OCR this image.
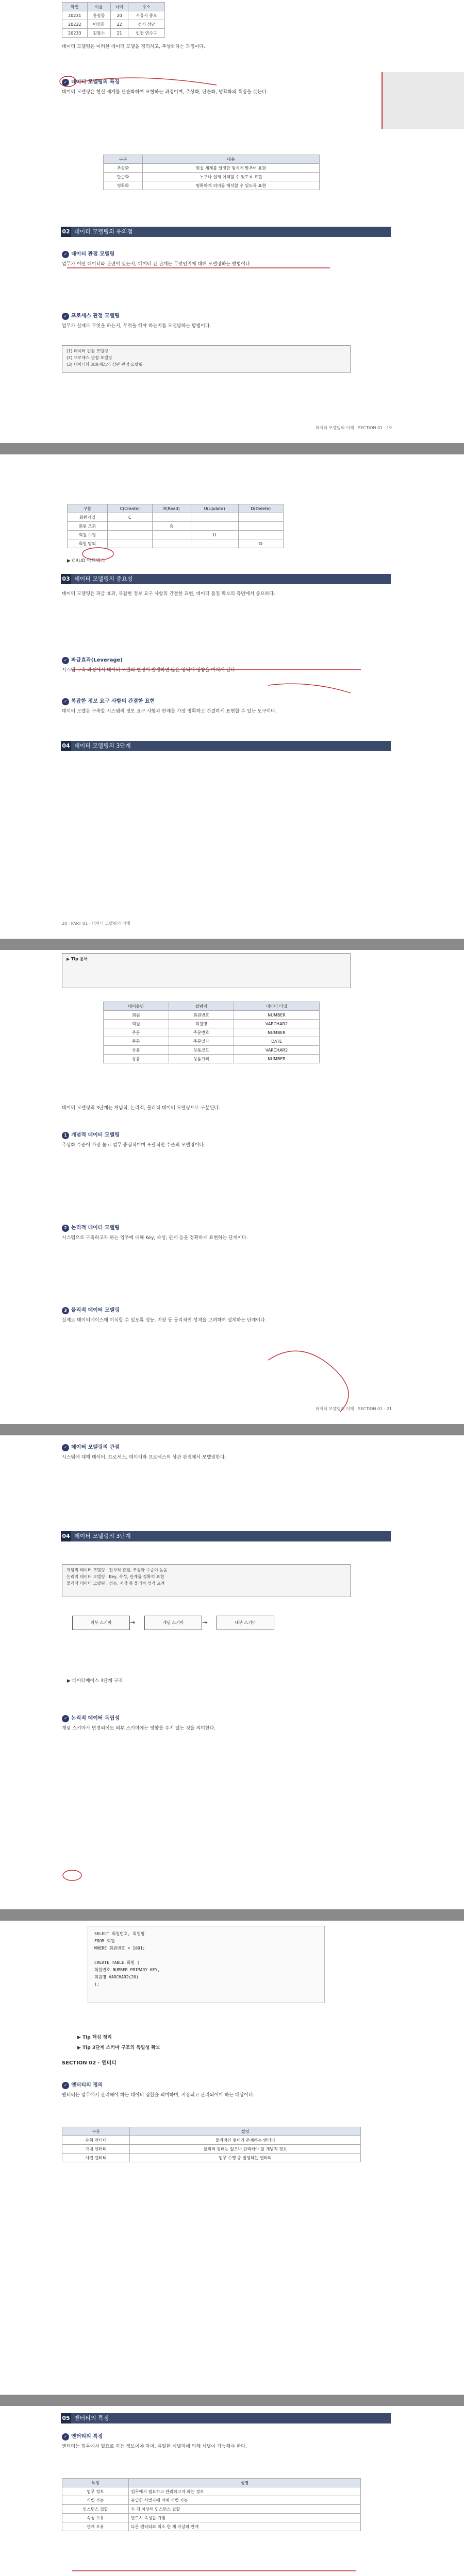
학번	이름	나이	주소
20231	홍길동	20	서울시 종로
20232	이영희	22	경기 성남
20233	김철수	21	인천 연수구
데이터 모델링은 이러한 데이터 모델을 정의하고, 추상화하는 과정이다.
✓ 데이터 모델링의 특징
데이터 모델링은 현실 세계를 단순화하여 표현하는 과정이며, 추상화, 단순화, 명확화의 특징을 갖는다.
구분	내용
추상화	현실 세계를 일정한 형식에 맞추어 표현
단순화	누구나 쉽게 이해할 수 있도록 표현
명확화	명확하게 의미를 해석할 수 있도록 표현
02 데이터 모델링의 유의점
✓ 데이터 관점 모델링
업무가 어떤 데이터와 관련이 있는지, 데이터 간 관계는 무엇인지에 대해 모델링하는 방법이다.
✓ 프로세스 관점 모델링
업무가 실제로 무엇을 하는지, 무엇을 해야 하는지를 모델링하는 방법이다.
(1) 데이터 관점 모델링
(2) 프로세스 관점 모델링
(3) 데이터와 프로세스의 상관 관점 모델링
데이터 모델링의 이해 · SECTION 01 · 19
구분	C(Create)	R(Read)	U(Update)	D(Delete)
회원가입	C			
회원 조회		R		
회원 수정			U	
회원 탈퇴				D
▶ CRUD 매트릭스
03 데이터 모델링의 중요성
데이터 모델링은 파급 효과, 복잡한 정보 요구 사항의 간결한 표현, 데이터 품질 확보의 측면에서 중요하다.
✓ 파급효과(Leverage)
시스템 구축 과정에서 데이터 모델의 변경이 발생하면 많은 영역에 영향을 미치게 된다.
✓ 복잡한 정보 요구 사항의 간결한 표현
데이터 모델은 구축할 시스템의 정보 요구 사항과 한계를 가장 명확하고 간결하게 표현할 수 있는 도구이다.
04 데이터 모델링의 3단계
20 · PART 01 · 데이터 모델링의 이해
▶ Tip 용어
테이블명	컬럼명	데이터 타입
회원	회원번호	NUMBER
회원	회원명	VARCHAR2
주문	주문번호	NUMBER
주문	주문일자	DATE
상품	상품코드	VARCHAR2
상품	상품가격	NUMBER
데이터 모델링의 3단계는 개념적, 논리적, 물리적 데이터 모델링으로 구분된다.
1 개념적 데이터 모델링
추상화 수준이 가장 높고 업무 중심적이며 포괄적인 수준의 모델링이다.
2 논리적 데이터 모델링
시스템으로 구축하고자 하는 업무에 대해 Key, 속성, 관계 등을 정확하게 표현하는 단계이다.
3 물리적 데이터 모델링
실제로 데이터베이스에 이식할 수 있도록 성능, 저장 등 물리적인 성격을 고려하여 설계하는 단계이다.
데이터 모델링의 이해 · SECTION 01 · 21
✓ 데이터 모델링의 관점
시스템에 대해 데이터, 프로세스, 데이터와 프로세스의 상관 관점에서 모델링한다.
04 데이터 모델링의 3단계
개념적 데이터 모델링 : 전사적 관점, 추상화 수준이 높음
논리적 데이터 모델링 : Key, 속성, 관계를 정확히 표현
물리적 데이터 모델링 : 성능, 저장 등 물리적 성격 고려
외부 스키마	개념 스키마	내부 스키마
→	→
▶ 데이터베이스 3단계 구조
✓ 논리적 데이터 독립성
개념 스키마가 변경되어도 외부 스키마에는 영향을 주지 않는 것을 의미한다.
SELECT 회원번호, 회원명
FROM 회원
WHERE 회원번호 = 1001;
CREATE TABLE 회원 (
회원번호 NUMBER PRIMARY KEY,
회원명 VARCHAR2(20)
);
▶ Tip 핵심 정리
▶ Tip 3단계 스키마 구조의 독립성 확보
SECTION 02 · 엔터티
✓ 엔터티의 정의
엔터티는 업무에서 관리해야 하는 데이터 집합을 의미하며, 저장되고 관리되어야 하는 대상이다.
구분	설명
유형 엔터티	물리적인 형태가 존재하는 엔터티
개념 엔터티	물리적 형태는 없으나 관리해야 할 개념적 정보
사건 엔터티	업무 수행 중 발생하는 엔터티
05 엔터티의 특징
✓ 엔터티의 특징
엔터티는 업무에서 필요로 하는 정보여야 하며, 유일한 식별자에 의해 식별이 가능해야 한다.
특징	설명
업무 정보	업무에서 필요하고 관리하고자 하는 정보
식별 가능	유일한 식별자에 의해 식별 가능
인스턴스 집합	두 개 이상의 인스턴스 집합
속성 보유	반드시 속성을 가짐
관계 보유	다른 엔터티와 최소 한 개 이상의 관계
